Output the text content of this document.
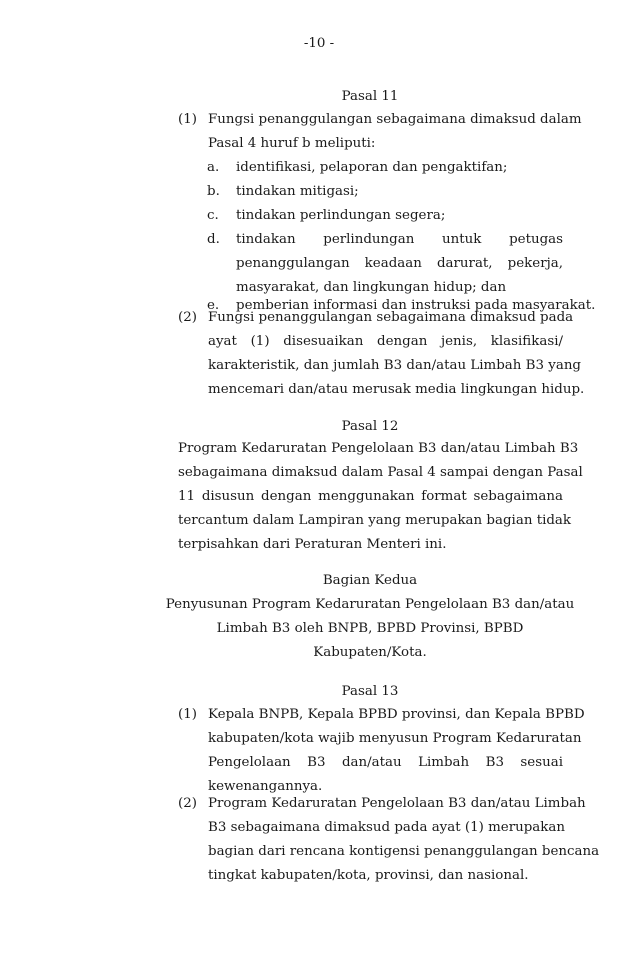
-10 -
Pasal 11
(1) Fungsi penanggulangan sebagaimana dimaksud dalam
Pasal 4 huruf b meliputi:
a. identifikasi, pelaporan dan pengaktifan;
b. tindakan mitigasi;
c. tindakan perlindungan segera;
d. tindakan perlindungan untuk petugas
penanggulangan keadaan darurat, pekerja,
masyarakat, dan lingkungan hidup; dan
e. pemberian informasi dan instruksi pada masyarakat.
(2) Fungsi penanggulangan sebagaimana dimaksud pada
ayat (1) disesuaikan dengan jenis, klasifikasi/
karakteristik, dan jumlah B3 dan/atau Limbah B3 yang
mencemari dan/atau merusak media lingkungan hidup.
Pasal 12
Program Kedaruratan Pengelolaan B3 dan/atau Limbah B3
sebagaimana dimaksud dalam Pasal 4 sampai dengan Pasal
11 disusun dengan menggunakan format sebagaimana
tercantum dalam Lampiran yang merupakan bagian tidak
terpisahkan dari Peraturan Menteri ini.
Bagian Kedua
Penyusunan Program Kedaruratan Pengelolaan B3 dan/atau
Limbah B3 oleh BNPB, BPBD Provinsi, BPBD
Kabupaten/Kota.
Pasal 13
(1) Kepala BNPB, Kepala BPBD provinsi, dan Kepala BPBD
kabupaten/kota wajib menyusun Program Kedaruratan
Pengelolaan B3 dan/atau Limbah B3 sesuai
kewenangannya.
(2) Program Kedaruratan Pengelolaan B3 dan/atau Limbah
B3 sebagaimana dimaksud pada ayat (1) merupakan
bagian dari rencana kontigensi penanggulangan bencana
tingkat kabupaten/kota, provinsi, dan nasional.
